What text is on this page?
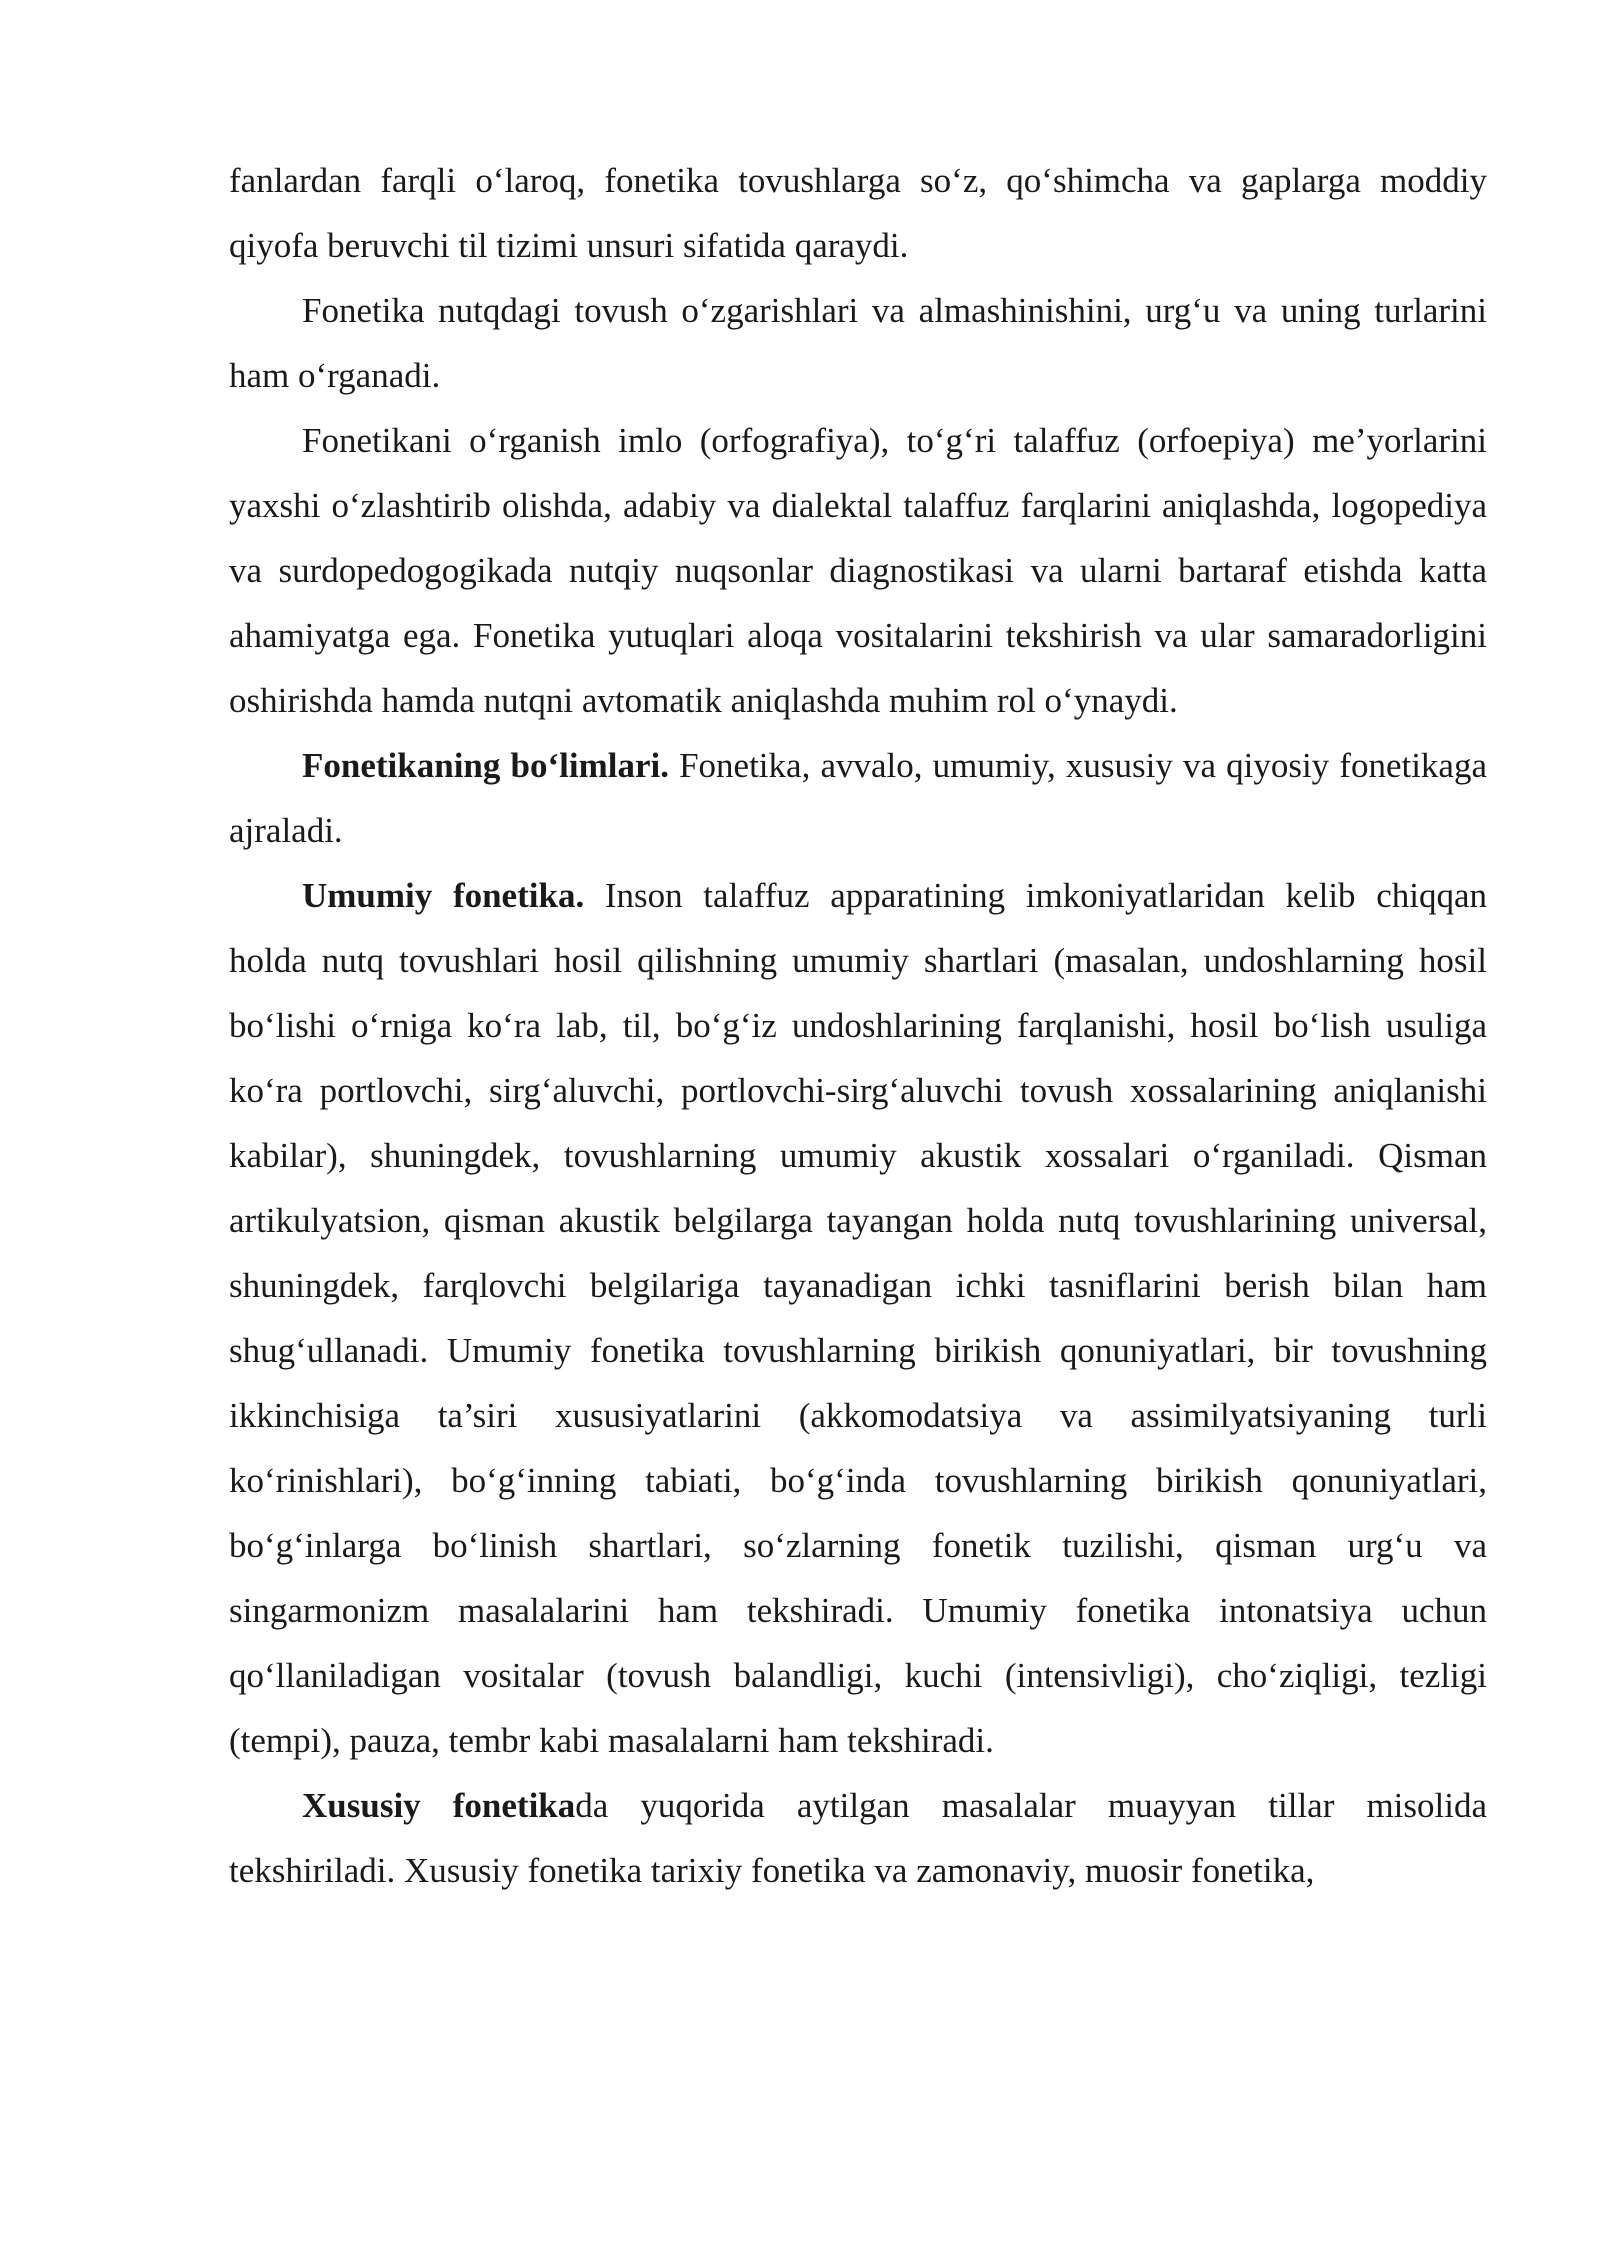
fanlardan farqli o‘laroq, fonetika tovushlarga so‘z, qo‘shimcha va gaplarga moddiy qiyofa beruvchi til tizimi unsuri sifatida qaraydi.

Fonetika nutqdagi tovush o‘zgarishlari va almashinishini, urg‘u va uning turlarini ham o‘rganadi.

Fonetikani o‘rganish imlo (orfografiya), to‘g‘ri talaffuz (orfoepiya) me’yorlarini yaxshi o‘zlashtirib olishda, adabiy va dialektal talaffuz farqlarini aniqlashda, logopediya va surdopedogogikada nutqiy nuqsonlar diagnostikasi va ularni bartaraf etishda katta ahamiyatga ega. Fonetika yutuqlari aloqa vositalarini tekshirish va ular samaradorligini oshirishda hamda nutqni avtomatik aniqlashda muhim rol o‘ynaydi.

Fonetikaning bo‘limlari. Fonetika, avvalo, umumiy, xususiy va qiyosiy fonetikaga ajraladi.

Umumiy fonetika. Inson talaffuz apparatining imkoniyatlaridan kelib chiqqan holda nutq tovushlari hosil qilishning umumiy shartlari (masalan, undoshlarning hosil bo‘lishi o‘rniga ko‘ra lab, til, bo‘g‘iz undoshlarining farqlanishi, hosil bo‘lish usuliga ko‘ra portlovchi, sirg‘aluvchi, portlovchi-sirg‘aluvchi tovush xossalarining aniqlanishi kabilar), shuningdek, tovushlarning umumiy akustik xossalari o‘rganiladi. Qisman artikulyatsion, qisman akustik belgilarga tayangan holda nutq tovushlarining universal, shuningdek, farqlovchi belgilariga tayanadigan ichki tasniflarini berish bilan ham shug‘ullanadi. Umumiy fonetika tovushlarning birikish qonuniyatlari, bir tovushning ikkinchisiga ta’siri xususiyatlarini (akkomodatsiya va assimilyatsiyaning turli ko‘rinishlari), bo‘g‘inning tabiati, bo‘g‘inda tovushlarning birikish qonuniyatlari, bo‘g‘inlarga bo‘linish shartlari, so‘zlarning fonetik tuzilishi, qisman urg‘u va singarmonizm masalalarini ham tekshiradi. Umumiy fonetika intonatsiya uchun qo‘llaniladigan vositalar (tovush balandligi, kuchi (intensivligi), cho‘ziqligi, tezligi (tempi), pauza, tembr kabi masalalarni ham tekshiradi.

Xususiy fonetikada yuqorida aytilgan masalalar muayyan tillar misolida tekshiriladi. Xususiy fonetika tarixiy fonetika va zamonaviy, muosir fonetika,
